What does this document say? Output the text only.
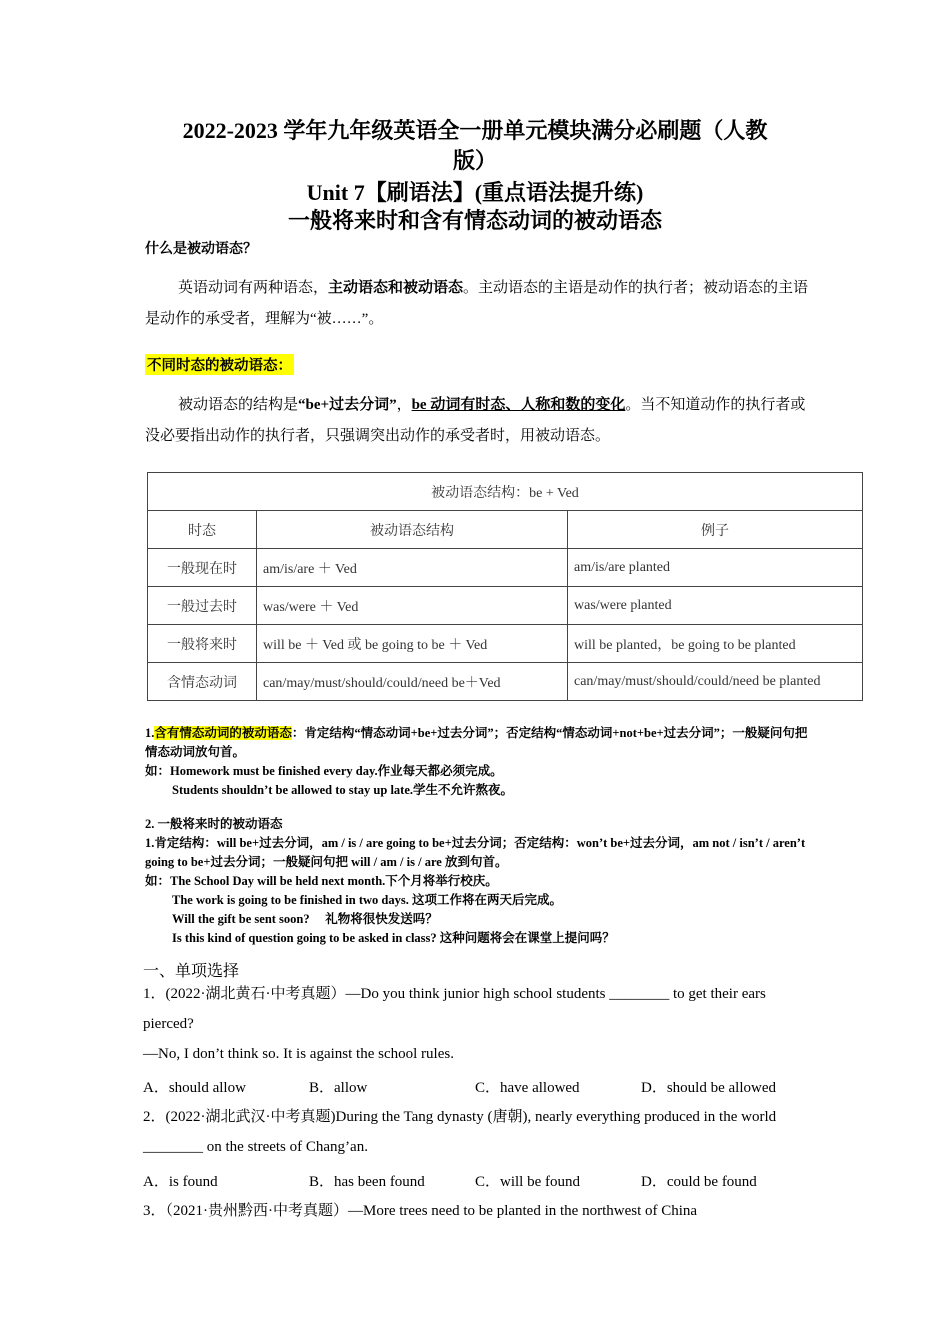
2022-2023 学年九年级英语全一册单元模块满分必刷题（人教
版）
Unit 7【刷语法】(重点语法提升练)
一般将来时和含有情态动词的被动语态
什么是被动语态？
英语动词有两种语态，主动语态和被动语态。主动语态的主语是动作的执行者；被动语态的主语是动作的承受者，理解为“被……”。
不同时态的被动语态：
被动语态的结构是“be+过去分词”，be 动词有时态、人称和数的变化。当不知道动作的执行者或没必要指出动作的执行者，只强调突出动作的承受者时，用被动语态。
被动语态结构：be + Ved		
时态	被动语态结构	例子
一般现在时	am/is/are ＋ Ved	am/is/are planted
一般过去时	was/were ＋ Ved	was/were planted
一般将来时	will be ＋ Ved 或 be going to be ＋ Ved	will be planted，be going to be planted
含情态动词	can/may/must/should/could/need be＋Ved	can/may/must/should/could/need be planted
1.含有情态动词的被动语态：肯定结构“情态动词+be+过去分词”；否定结构“情态动词+not+be+过去分词”；一般疑问句把情态动词放句首。
如：Homework must be finished every day.作业每天都必须完成。
Students shouldn’t be allowed to stay up late.学生不允许熬夜。
2. 一般将来时的被动语态
1.肯定结构：will be+过去分词，am / is / are going to be+过去分词；否定结构：won’t be+过去分词，am not / isn’t / aren’t going to be+过去分词；一般疑问句把 will / am / is / are 放到句首。
如：The School Day will be held next month.下个月将举行校庆。
The work is going to be finished in two days. 这项工作将在两天后完成。
Will the gift be sent soon?　 礼物将很快发送吗？
Is this kind of question going to be asked in class? 这种问题将会在课堂上提问吗？
一、单项选择
1．(2022·湖北黄石·中考真题）—Do you think junior high school students ________ to get their ears pierced?
—No, I don’t think so. It is against the school rules.
A．should allow	B．allow	C．have allowed	D．should be allowed
2．(2022·湖北武汉·中考真题)During the Tang dynasty (唐朝), nearly everything produced in the world ________ on the streets of Chang’an.
A．is found	B．has been found	C．will be found	D．could be found
3．（2021·贵州黔西·中考真题）—More trees need to be planted in the northwest of China
